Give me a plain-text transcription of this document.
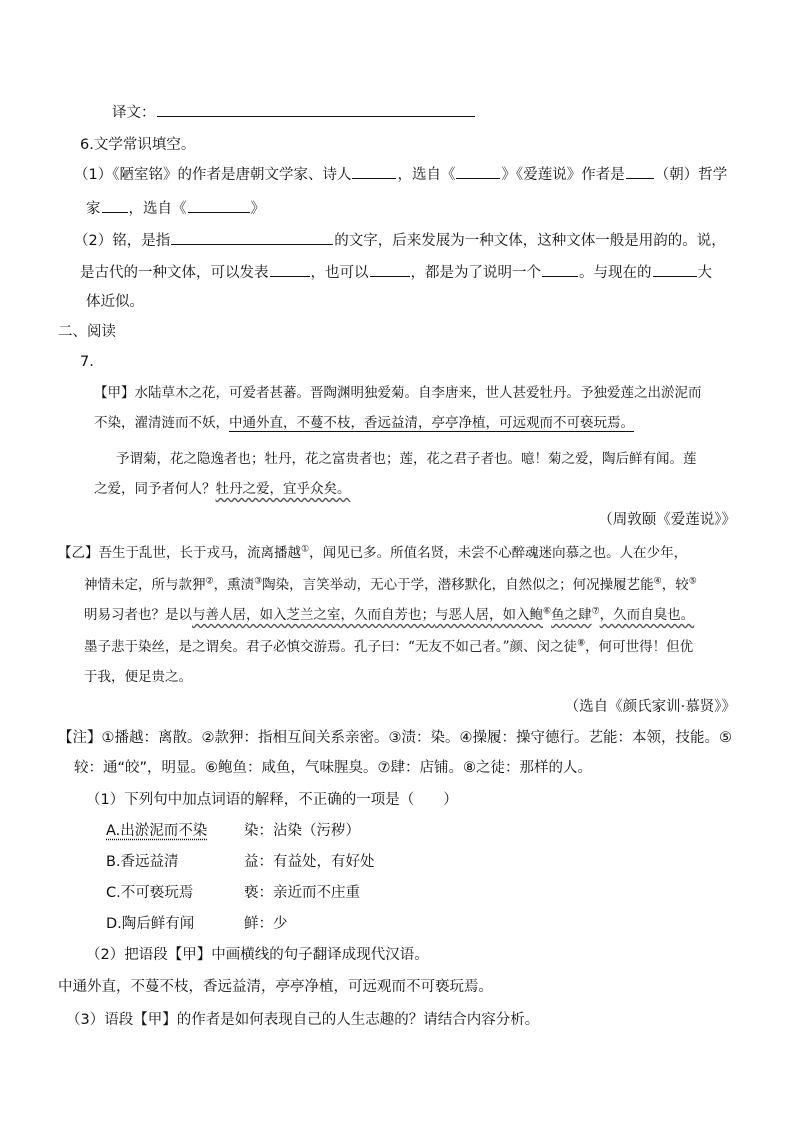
译文：
6.文学常识填空。
（1）《陋室铭》的作者是唐朝文学家、诗人	，选自《	》《爱莲说》作者是 （朝）哲学
家 ，选自《	》
（2）铭，是指	的文字，后来发展为一种文体，这种文体一般是用韵的。说，
是古代的一种文体，可以发表	，也可以	，都是为了说明一个	。与现在的	大
体近似。
二、阅读
7.
【甲】水陆草木之花，可爱者甚蕃。晋陶渊明独爱菊。自李唐来，世人甚爱牡丹。予独爱莲之出淤泥而
不染，濯清涟而不妖，中通外直，不蔓不枝，香远益清，亭亭净植，可远观而不可亵玩焉。
予谓菊，花之隐逸者也；牡丹，花之富贵者也；莲，花之君子者也。噫！菊之爱，陶后鲜有闻。莲
之爱，同予者何人？牡丹之爱，宜乎众矣。
（周敦颐《爱莲说》》
【乙】吾生于乱世，长于戎马，流离播越①，闻见已多。所值名贤，未尝不心醉魂迷向慕之也。人在少年，
神情未定，所与款狎②，熏渍③陶染，言笑举动，无心于学，潜移默化，自然似之；何况操履艺能④，较⑤
明易习者也？是以与善人居，如入芝兰之室，久而自芳也；与恶人居，如入鲍⑥鱼之肆⑦，久而自臭也。
墨子悲于染丝，是之谓矣。君子必慎交游焉。孔子曰：“无友不如己者。”颜、闵之徒⑧，何可世得！但优
于我，便足贵之。
（选自《颜氏家训·慕贤》》
【注】①播越：离散。②款狎：指相互间关系亲密。③渍：染。④操履：操守德行。艺能：本领，技能。⑤
较：通“皎”，明显。⑥鲍鱼：咸鱼，气味腥臭。⑦肆：店铺。⑧之徒：那样的人。
（1）下列句中加点词语的解释，不正确的一项是（　　）
A.出淤泥而不染	染：沾染（污秽）
B.香远益清	益：有益处，有好处
C.不可亵玩焉	亵：亲近而不庄重
D.陶后鲜有闻	鲜：少
（2）把语段【甲】中画横线的句子翻译成现代汉语。
中通外直，不蔓不枝，香远益清，亭亭净植，可远观而不可亵玩焉。
（3）语段【甲】的作者是如何表现自己的人生志趣的？请结合内容分析。
